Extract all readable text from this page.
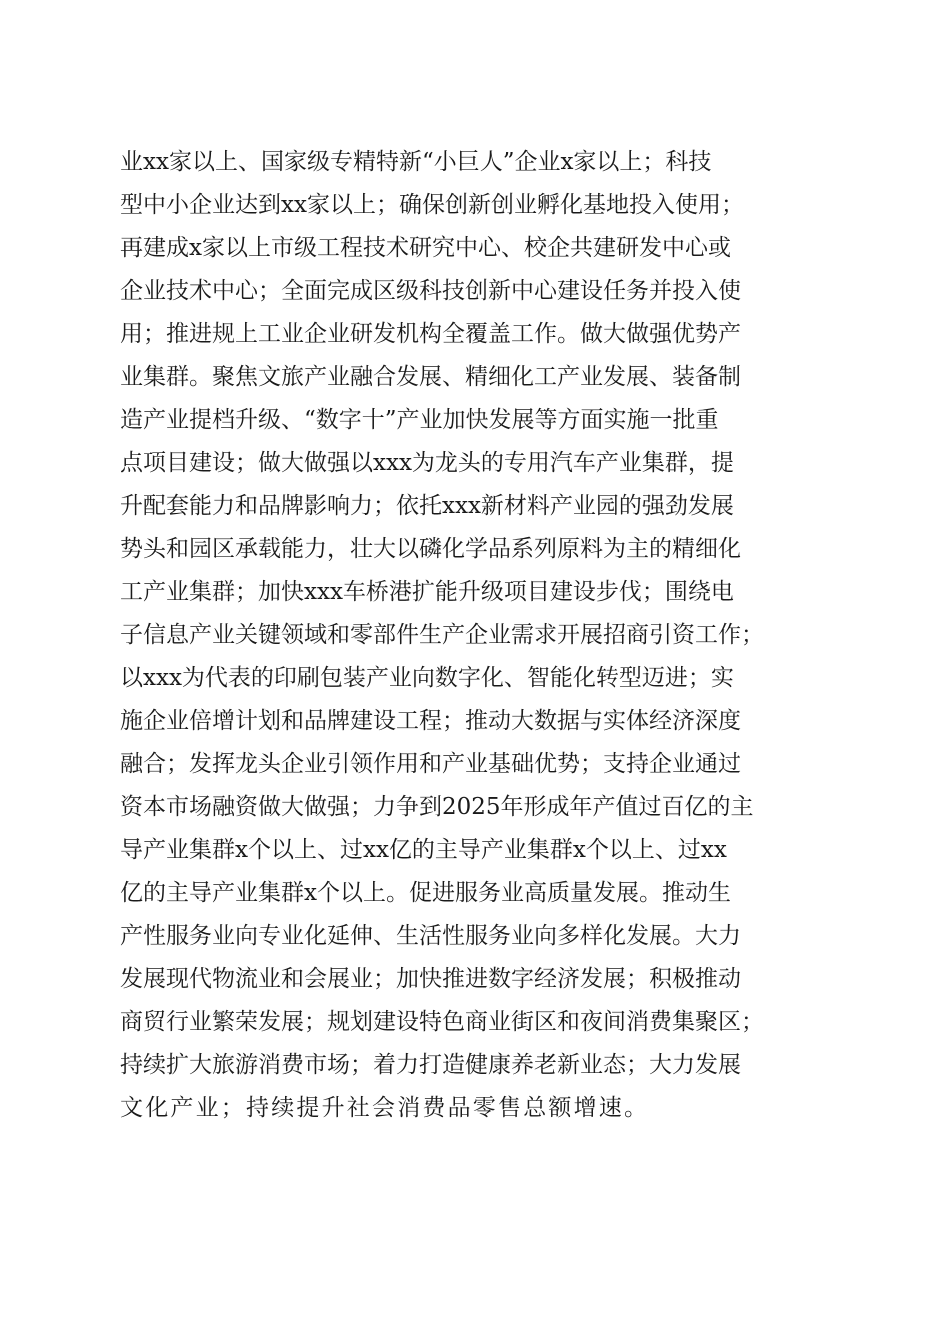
业xx家以上、国家级专精特新“小巨人”企业x家以上；科技
型中小企业达到xx家以上；确保创新创业孵化基地投入使用；
再建成x家以上市级工程技术研究中心、校企共建研发中心或
企业技术中心；全面完成区级科技创新中心建设任务并投入使
用；推进规上工业企业研发机构全覆盖工作。做大做强优势产
业集群。聚焦文旅产业融合发展、精细化工产业发展、装备制
造产业提档升级、“数字十”产业加快发展等方面实施一批重
点项目建设；做大做强以xxx为龙头的专用汽车产业集群，提
升配套能力和品牌影响力；依托xxx新材料产业园的强劲发展
势头和园区承载能力，壮大以磷化学品系列原料为主的精细化
工产业集群；加快xxx车桥港扩能升级项目建设步伐；围绕电
子信息产业关键领域和零部件生产企业需求开展招商引资工作；
以xxx为代表的印刷包装产业向数字化、智能化转型迈进；实
施企业倍增计划和品牌建设工程；推动大数据与实体经济深度
融合；发挥龙头企业引领作用和产业基础优势；支持企业通过
资本市场融资做大做强；力争到2025年形成年产值过百亿的主
导产业集群x个以上、过xx亿的主导产业集群x个以上、过xx
亿的主导产业集群x个以上。促进服务业高质量发展。推动生
产性服务业向专业化延伸、生活性服务业向多样化发展。大力
发展现代物流业和会展业；加快推进数字经济发展；积极推动
商贸行业繁荣发展；规划建设特色商业街区和夜间消费集聚区；
持续扩大旅游消费市场；着力打造健康养老新业态；大力发展
文化产业；持续提升社会消费品零售总额增速。
